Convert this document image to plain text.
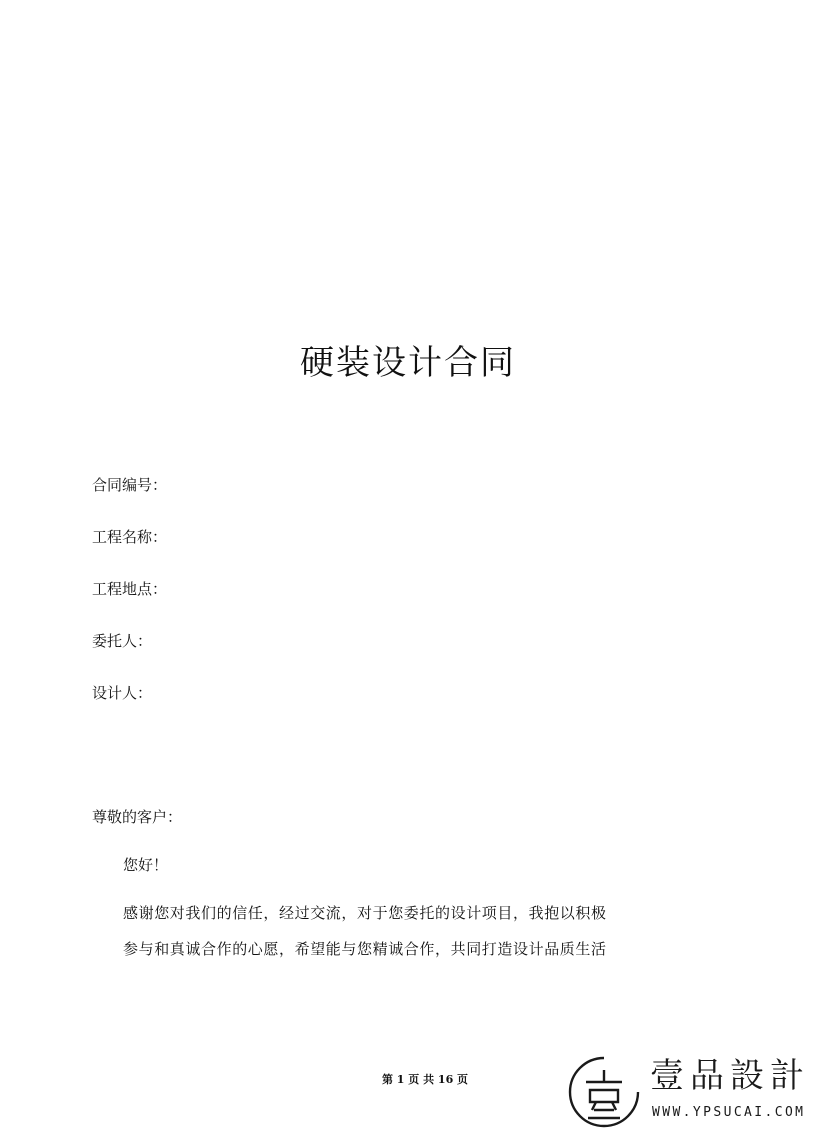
硬装设计合同
合同编号：
工程名称：
工程地点：
委托人：
设计人：
尊敬的客户：
您好！
感谢您对我们的信任，经过交流，对于您委托的设计项目，我抱以积极
参与和真诚合作的心愿，希望能与您精诚合作，共同打造设计品质生活
第 1 页 共 16 页	壹品設計
WWW.YPSUCAI.COM
